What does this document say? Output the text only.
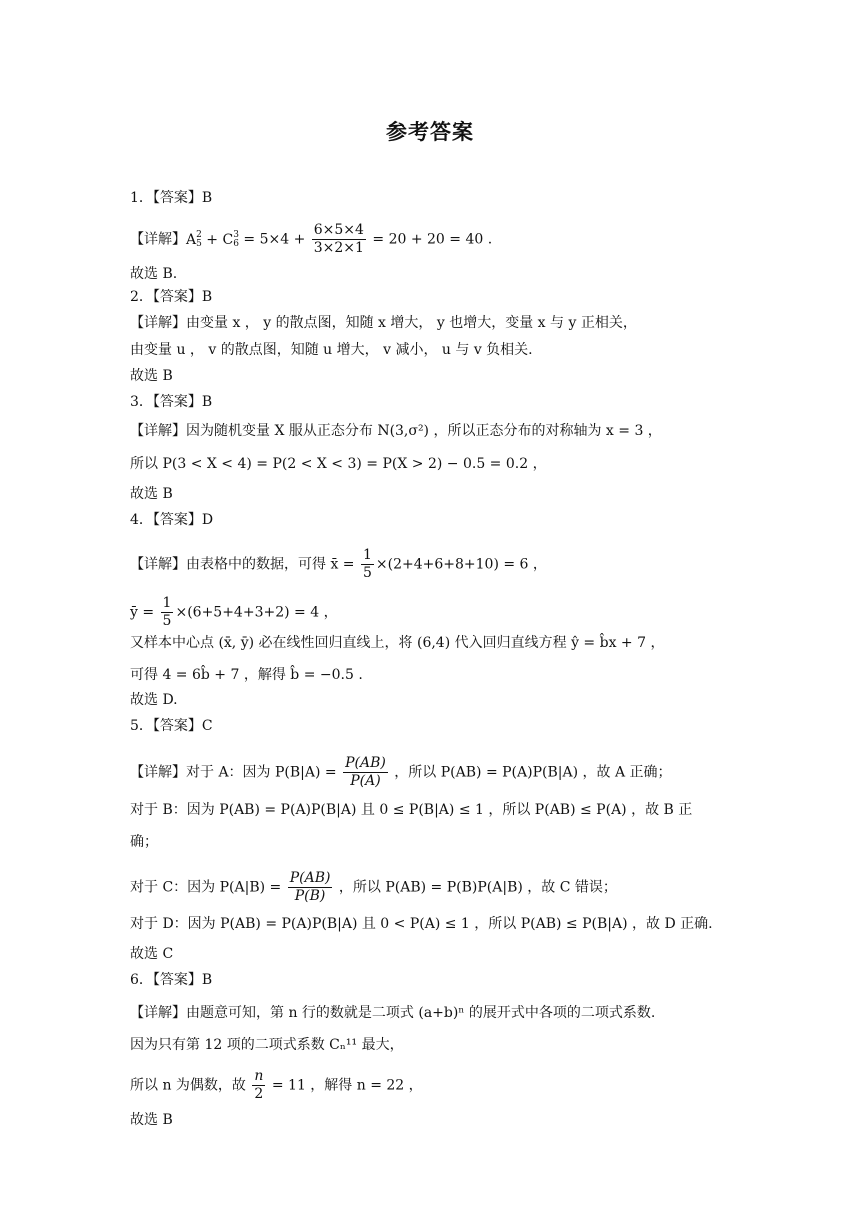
参考答案
1．【答案】B
【详解】A 2
5 + C 3
$6 = 5\times 4 + \frac{6\times 5\times 4}{3\times 2\times 1} = 20 + 20 = 40$ .
故选 B.
2．【答案】B
【详解】由变量 x ， y 的散点图，知随 x 增大， y 也增大，变量 x 与 y 正相关，
由变量 u ， v 的散点图，知随 u 增大， v 减小， u 与 v 负相关.
故选 B
3．【答案】B
【详解】因为随机变量 X 服从正态分布 N(3,σ²) ，所以正态分布的对称轴为 x = 3 ，
所以 P(3 < X < 4) = P(2 < X < 3) = P(X > 2) − 0.5 = 0.2 ，
故选 B
4．【答案】D
【详解】由表格中的数据，可得 x̄ = $\frac{1}{5} \times(2+4+6+8+10) = 6$ ，
ȳ = $\frac{1}{5} \times(6+5+4+3+2) = 4$ ，
又样本中心点 (x̄, ȳ) 必在线性回归直线上，将 (6,4) 代入回归直线方程 ŷ = b̂x + 7 ，
可得 4 = 6b̂ + 7 ，解得 b̂ = −0.5 .
故选 D.
5．【答案】C
【详解】对于 A：因为 $P(B|A) = \frac{P(AB)}{P(A)}$ ，所以 P(AB) = P(A)P(B|A) ，故 A 正确；
对于 B：因为 P(AB) = P(A)P(B|A) 且 0 ≤ P(B|A) ≤ 1 ，所以 P(AB) ≤ P(A) ，故 B 正
确；
对于 C：因为 $P(A|B) = \frac{P(AB)}{P(B)}$ ，所以 P(AB) = P(B)P(A|B) ，故 C 错误；
对于 D：因为 P(AB) = P(A)P(B|A) 且 0 < P(A) ≤ 1 ，所以 P(AB) ≤ P(B|A) ，故 D 正确.
故选 C
6．【答案】B
【详解】由题意可知，第 n 行的数就是二项式 (a+b)ⁿ 的展开式中各项的二项式系数.
因为只有第 12 项的二项式系数 Cₙ¹¹ 最大，
所以 n 为偶数，故 $\frac{n}{2} = 11$ ，解得 n = 22 ，
故选 B
